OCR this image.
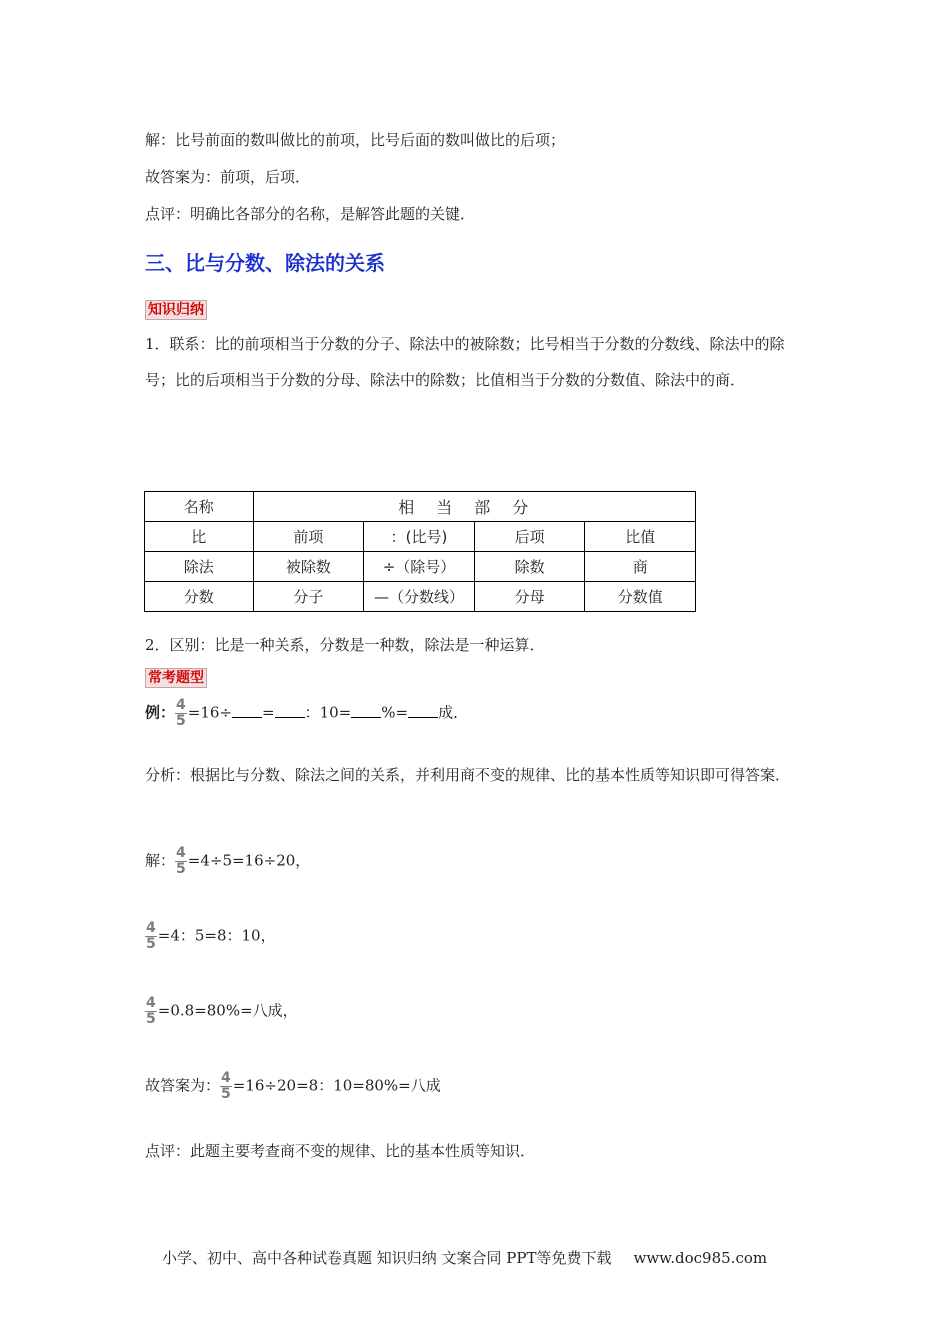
解：比号前面的数叫做比的前项，比号后面的数叫做比的后项；
故答案为：前项，后项．
点评：明确比各部分的名称，是解答此题的关键．
三、比与分数、除法的关系
知识归纳
1．联系：比的前项相当于分数的分子、除法中的被除数；比号相当于分数的分数线、除法中的除号；比的后项相当于分数的分母、除法中的除数；比值相当于分数的分数值、除法中的商．
名称	相当部分			
比	前项	：(比号)	后项	比值
除法	被除数	÷（除号）	除数	商
分数	分子	—（分数线）	分母	分数值
2．区别：比是一种关系，分数是一种数，除法是一种运算．
常考题型
例： $\frac{4}{5} =16\div$ = ：10= %= 成．
分析：根据比与分数、除法之间的关系，并利用商不变的规律、比的基本性质等知识即可得答案．
解： $\frac{4}{5} =4\div 5=16\div 20$，
$\frac{4}{5} =4$：5=8：10，
$\frac{4}{5} =0.8=80\%=$八成，
故答案为： $\frac{4}{5} =16\div 20=8$：10=80%=八成
点评：此题主要考查商不变的规律、比的基本性质等知识．
小学、初中、高中各种试卷真题 知识归纳 文案合同 PPT等免费下载 www.doc985.com
